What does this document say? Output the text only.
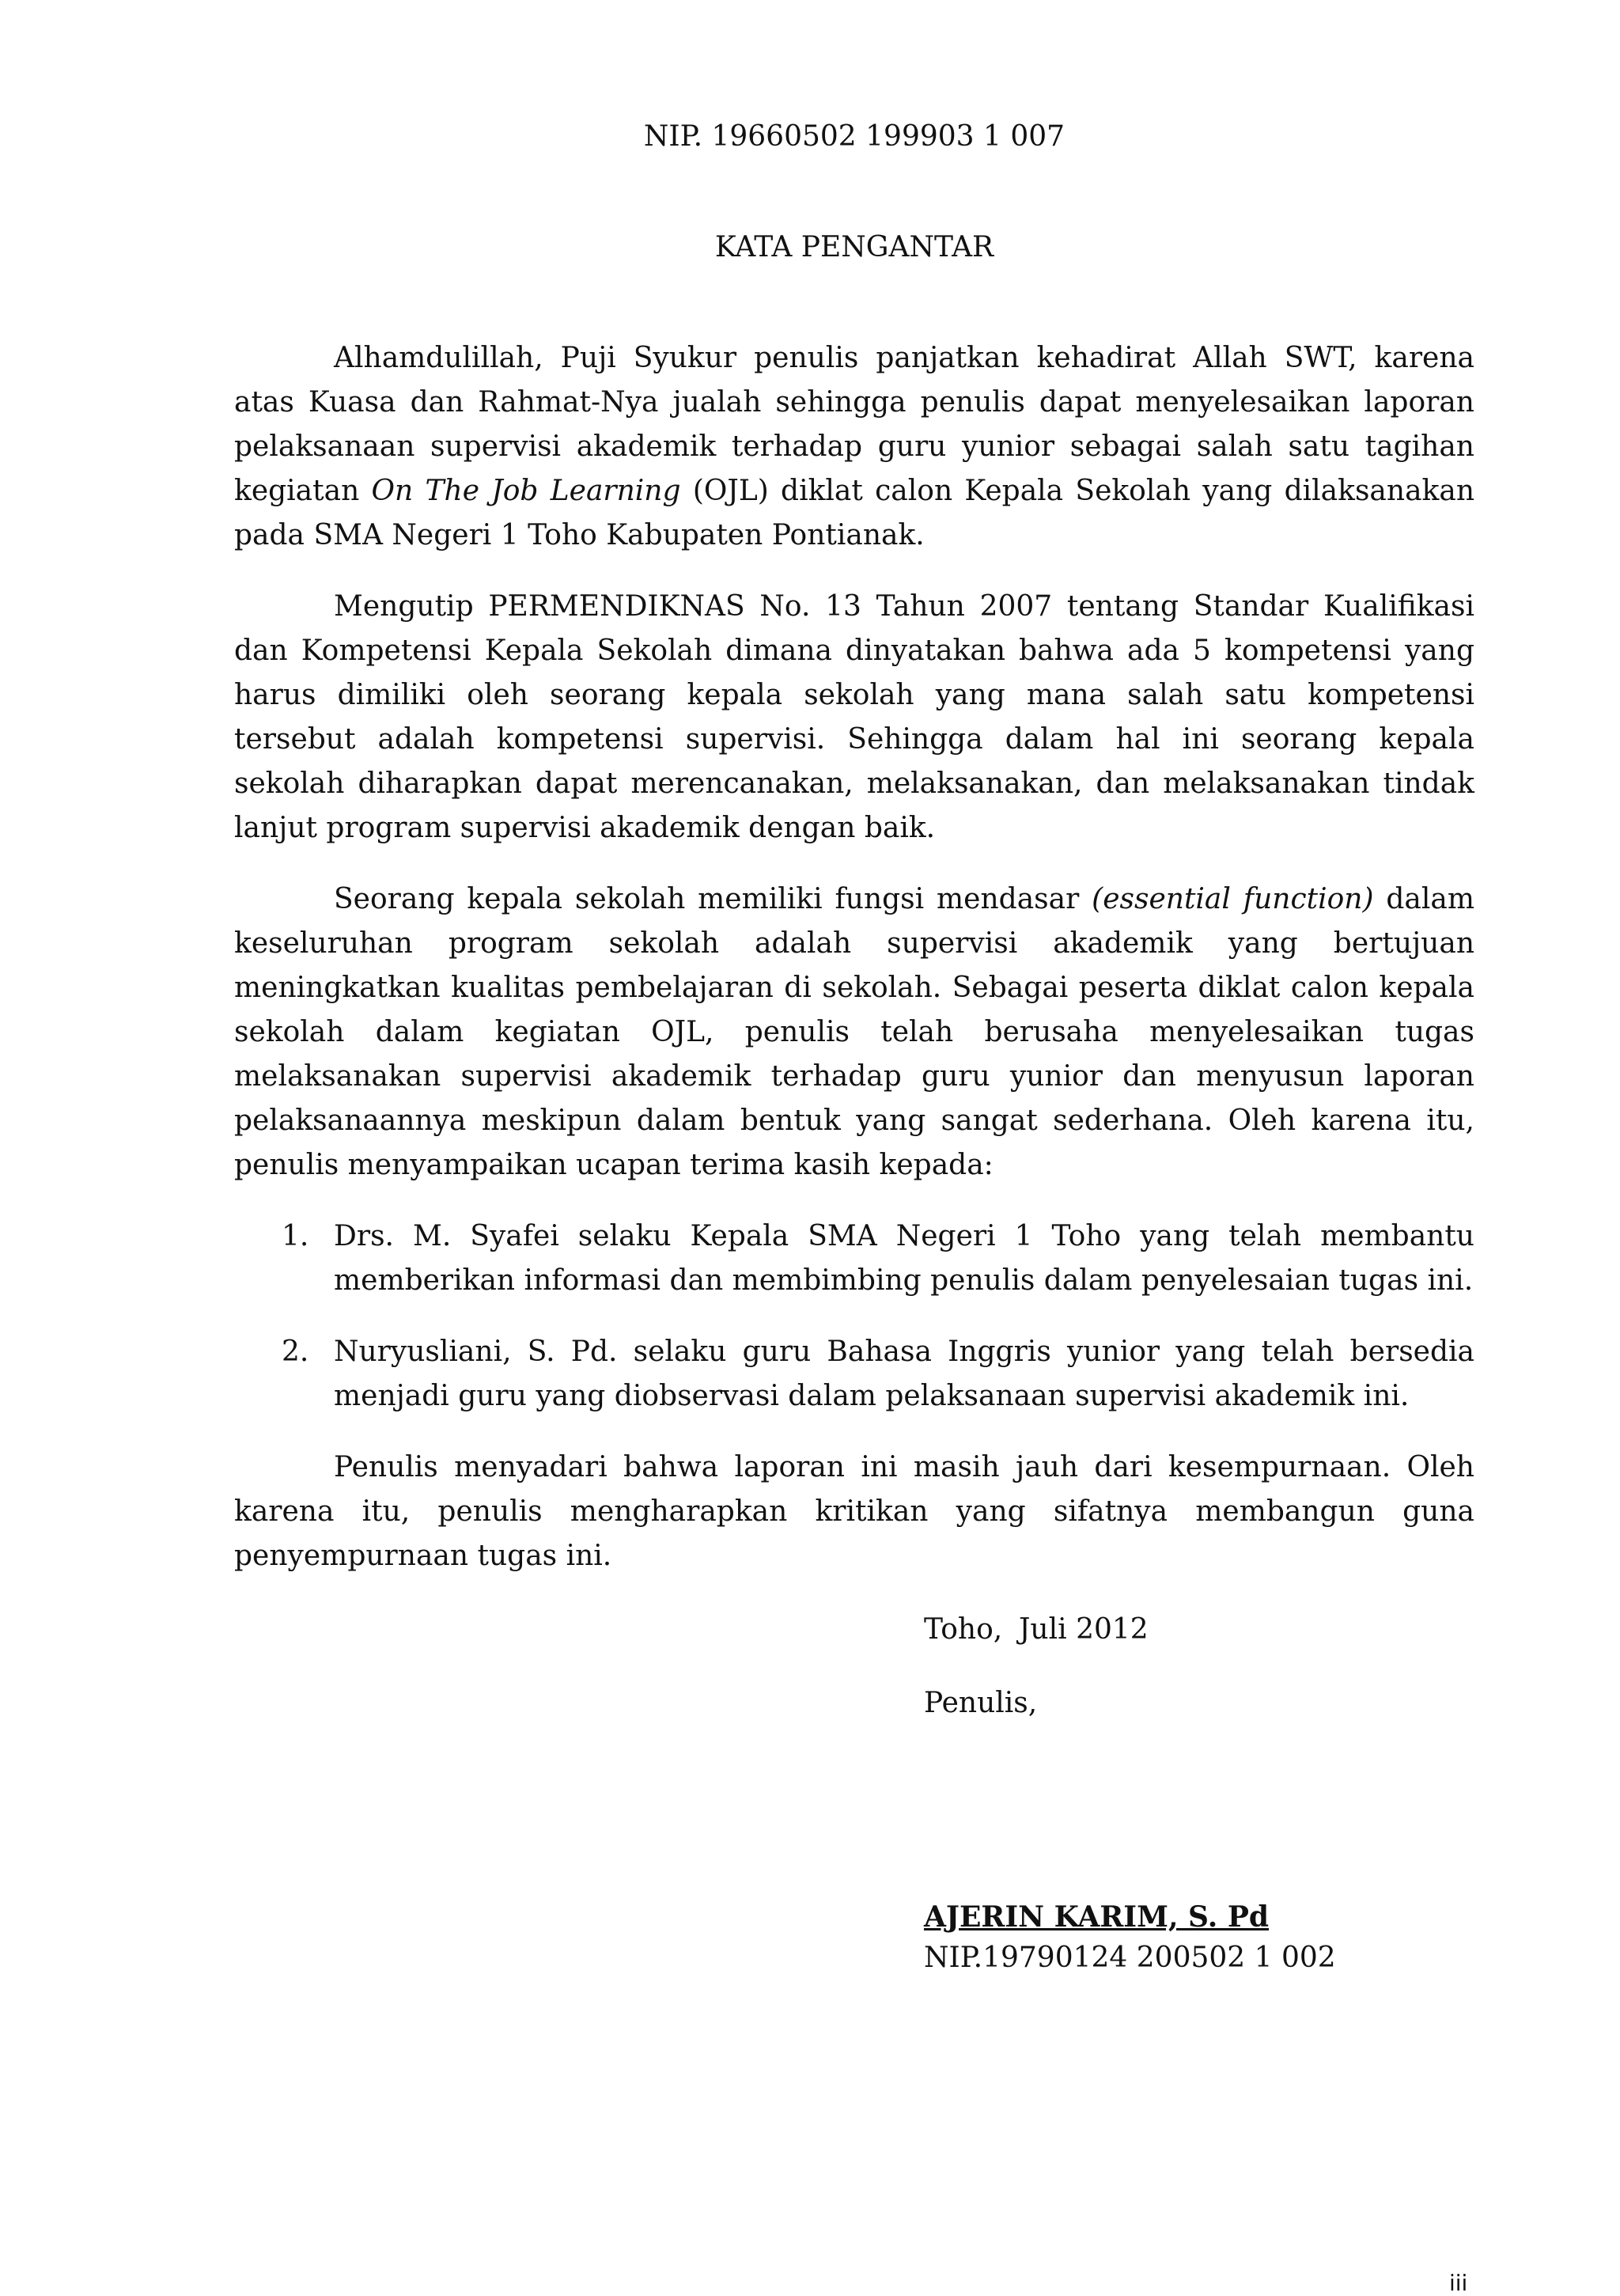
NIP. 19660502 199903 1 007
KATA PENGANTAR

Alhamdulillah, Puji Syukur penulis panjatkan kehadirat Allah SWT, karena atas Kuasa dan Rahmat-Nya jualah sehingga penulis dapat menyelesaikan laporan pelaksanaan supervisi akademik terhadap guru yunior sebagai salah satu tagihan kegiatan On The Job Learning (OJL) diklat calon Kepala Sekolah yang dilaksanakan pada SMA Negeri 1 Toho Kabupaten Pontianak.

Mengutip PERMENDIKNAS No. 13 Tahun 2007 tentang Standar Kualifikasi dan Kompetensi Kepala Sekolah dimana dinyatakan bahwa ada 5 kompetensi yang harus dimiliki oleh seorang kepala sekolah yang mana salah satu kompetensi tersebut adalah kompetensi supervisi. Sehingga dalam hal ini seorang kepala sekolah diharapkan dapat merencanakan, melaksanakan, dan melaksanakan tindak lanjut program supervisi akademik dengan baik.

Seorang kepala sekolah memiliki fungsi mendasar (essential function) dalam keseluruhan program sekolah adalah supervisi akademik yang bertujuan meningkatkan kualitas pembelajaran di sekolah. Sebagai peserta diklat calon kepala sekolah dalam kegiatan OJL, penulis telah berusaha menyelesaikan tugas melaksanakan supervisi akademik terhadap guru yunior dan menyusun laporan pelaksanaannya meskipun dalam bentuk yang sangat sederhana. Oleh karena itu, penulis menyampaikan ucapan terima kasih kepada:

1. Drs. M. Syafei selaku Kepala SMA Negeri 1 Toho yang telah membantu memberikan informasi dan membimbing penulis dalam penyelesaian tugas ini.
2. Nuryusliani, S. Pd. selaku guru Bahasa Inggris yunior yang telah bersedia menjadi guru yang diobservasi dalam pelaksanaan supervisi akademik ini.

Penulis menyadari bahwa laporan ini masih jauh dari kesempurnaan. Oleh karena itu, penulis mengharapkan kritikan yang sifatnya membangun guna penyempurnaan tugas ini.

Toho, Juli 2012
Penulis,
AJERIN KARIM, S. Pd
NIP.19790124 200502 1 002
iii
